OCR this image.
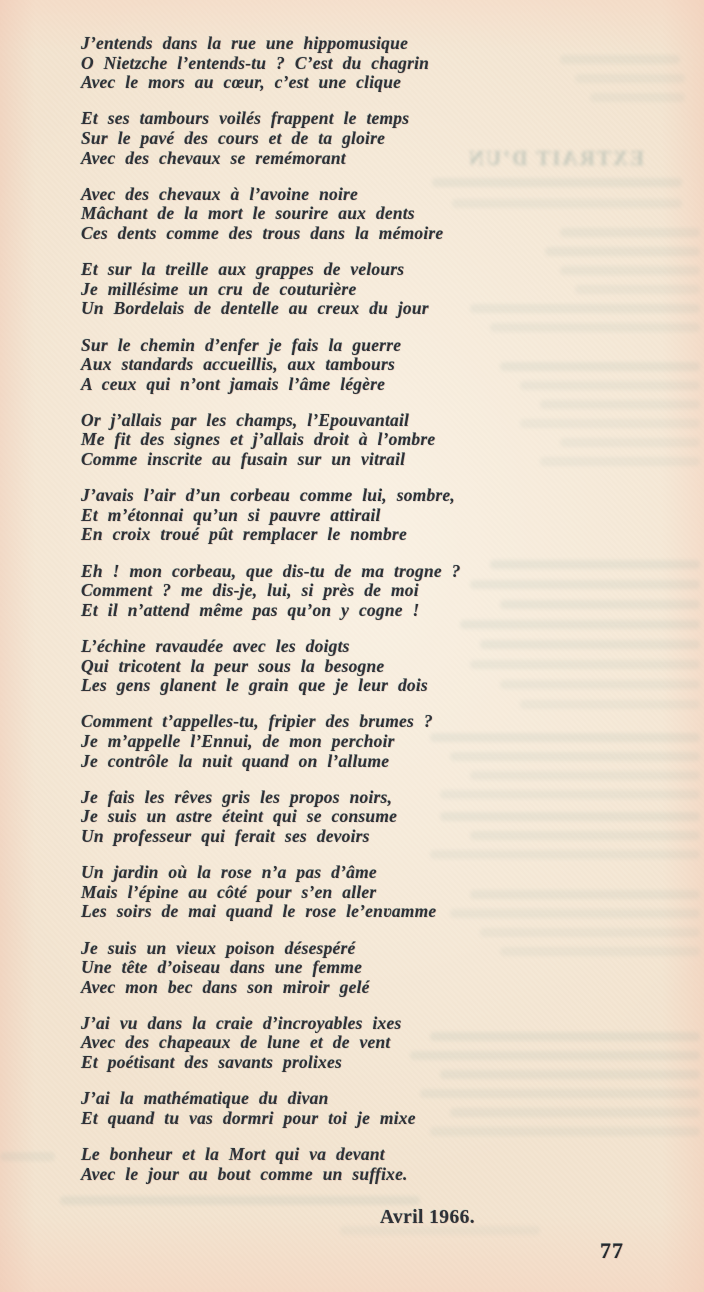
EXTRAIT D’UN
J’entends dans la rue une hippomusique
O Nietzche l’entends-tu ? C’est du chagrin
Avec le mors au cœur, c’est une clique
Et ses tambours voilés frappent le temps
Sur le pavé des cours et de ta gloire
Avec des chevaux se remémorant
Avec des chevaux à l’avoine noire
Mâchant de la mort le sourire aux dents
Ces dents comme des trous dans la mémoire
Et sur la treille aux grappes de velours
Je millésime un cru de couturière
Un Bordelais de dentelle au creux du jour
Sur le chemin d’enfer je fais la guerre
Aux standards accueillis, aux tambours
A ceux qui n’ont jamais l’âme légère
Or j’allais par les champs, l’Epouvantail
Me fit des signes et j’allais droit à l’ombre
Comme inscrite au fusain sur un vitrail
J’avais l’air d’un corbeau comme lui, sombre,
Et m’étonnai qu’un si pauvre attirail
En croix troué pût remplacer le nombre
Eh ! mon corbeau, que dis-tu de ma trogne ?
Comment ? me dis-je, lui, si près de moi
Et il n’attend même pas qu’on y cogne !
L’échine ravaudée avec les doigts
Qui tricotent la peur sous la besogne
Les gens glanent le grain que je leur dois
Comment t’appelles-tu, fripier des brumes ?
Je m’appelle l’Ennui, de mon perchoir
Je contrôle la nuit quand on l’allume
Je fais les rêves gris les propos noirs,
Je suis un astre éteint qui se consume
Un professeur qui ferait ses devoirs
Un jardin où la rose n’a pas d’âme
Mais l’épine au côté pour s’en aller
Les soirs de mai quand le rose le’enʋamme
Je suis un vieux poison désespéré
Une tête d’oiseau dans une femme
Avec mon bec dans son miroir gelé
J’ai vu dans la craie d’incroyables ixes
Avec des chapeaux de lune et de vent
Et poétisant des savants prolixes
J’ai la mathématique du divan
Et quand tu vas dormri pour toi je mixe
Le bonheur et la Mort qui va devant
Avec le jour au bout comme un suffixe.
Avril 1966.
77
